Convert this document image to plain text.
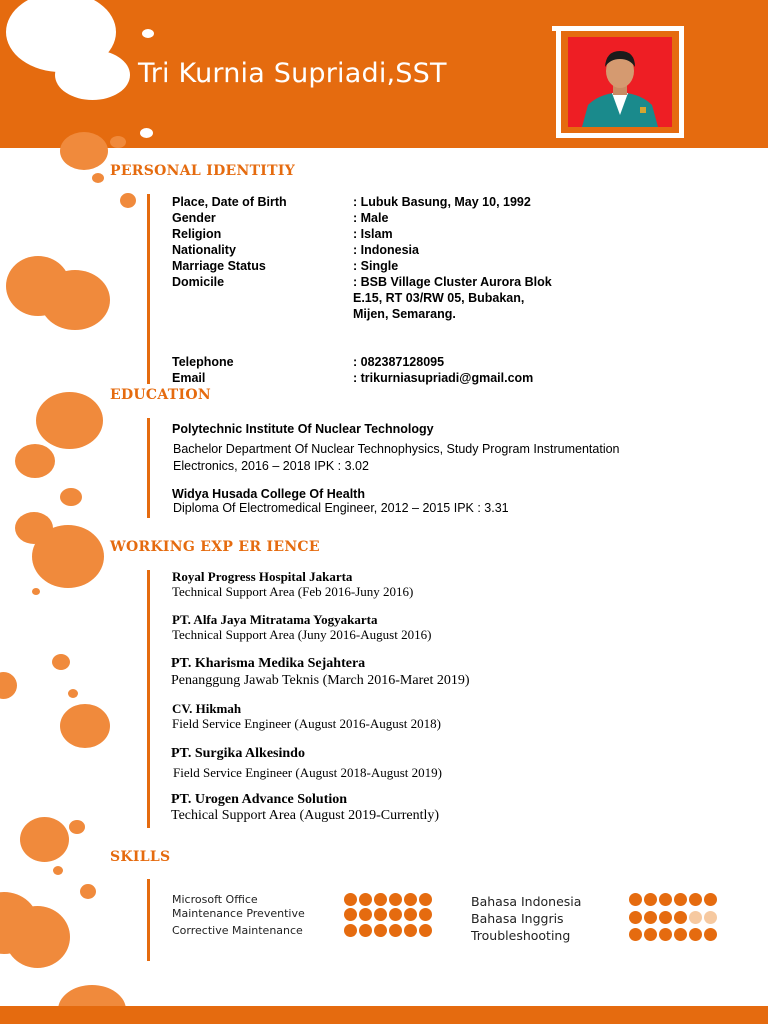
Tri Kurnia Supriadi,SST
PERSONAL IDENTITIY
Place, Date of Birth	: Lubuk Basung, May 10, 1992
Gender	: Male
Religion	: Islam
Nationality	: Indonesia
Marriage Status	: Single
Domicile	: BSB Village Cluster Aurora Blok
E.15, RT 03/RW 05, Bubakan,
Mijen, Semarang.
Telephone	: 082387128095
Email	: trikurniasupriadi@gmail.com
EDUCATION
Polytechnic Institute Of Nuclear Technology
Bachelor Department Of Nuclear Technophysics, Study Program Instrumentation Electronics, 2016 – 2018 IPK : 3.02
Widya Husada College Of Health
Diploma Of Electromedical Engineer, 2012 – 2015 IPK : 3.31
WORKING EXP ER IENCE
Royal Progress Hospital Jakarta
Technical Support Area (Feb 2016-Juny 2016)
PT. Alfa Jaya Mitratama Yogyakarta
Technical Support Area (Juny 2016-August 2016)
PT. Kharisma Medika Sejahtera
Penanggung Jawab Teknis (March 2016-Maret 2019)
CV. Hikmah
Field Service Engineer (August 2016-August 2018)
PT. Surgika Alkesindo
Field Service Engineer (August 2018-August 2019)
PT. Urogen Advance Solution
Techical Support Area (August 2019-Currently)
SKILLS
Microsoft Office
Maintenance Preventive
Corrective Maintenance
Bahasa Indonesia
Bahasa Inggris
Troubleshooting
